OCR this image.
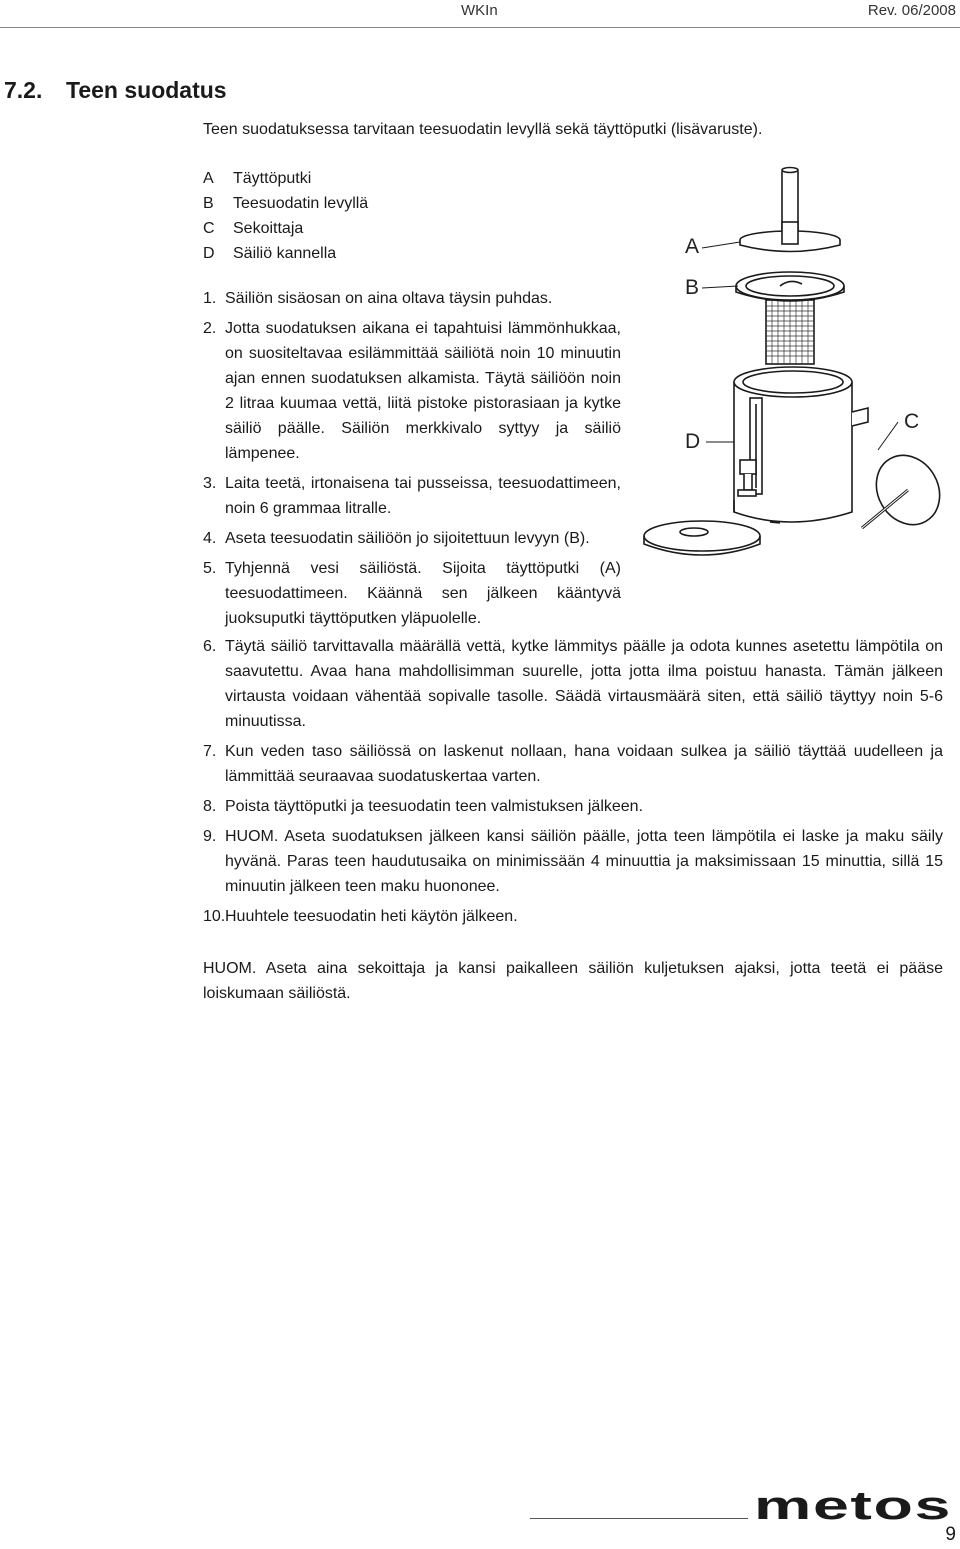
WKIn	Rev. 06/2008
7.2. Teen suodatus
Teen suodatuksessa tarvitaan teesuodatin levyllä sekä täyttöputki (lisävaruste).
A	Täyttöputki
B	Teesuodatin levyllä
C	Sekoittaja
D	Säiliö kannella
1. Säiliön sisäosan on aina oltava täysin puhdas.
2. Jotta suodatuksen aikana ei tapahtuisi lämmönhukkaa, on suositeltavaa esilämmittää säiliötä noin 10 minuutin ajan ennen suodatuksen alkamista. Täytä säiliöön noin 2 litraa kuumaa vettä, liitä pistoke pistorasiaan ja kytke säiliö päälle. Säiliön merkkivalo syttyy ja säiliö lämpenee.
3. Laita teetä, irtonaisena tai pusseissa, teesuodattimeen, noin 6 grammaa litralle.
4. Aseta teesuodatin säiliöön jo sijoitettuun levyyn (B).
5. Tyhjennä vesi säiliöstä. Sijoita täyttöputki (A) teesuodattimeen. Käännä sen jälkeen kääntyvä juoksuputki täyttöputken yläpuolelle.
6. Täytä säiliö tarvittavalla määrällä vettä, kytke lämmitys päälle ja odota kunnes asetettu lämpötila on saavutettu. Avaa hana mahdollisimman suurelle, jotta jotta ilma poistuu hanasta. Tämän jälkeen virtausta voidaan vähentää sopivalle tasolle. Säädä virtausmäärä siten, että säiliö täyttyy noin 5-6 minuutissa.
7. Kun veden taso säiliössä on laskenut nollaan, hana voidaan sulkea ja säiliö täyttää uudelleen ja lämmittää seuraavaa suodatuskertaa varten.
8. Poista täyttöputki ja teesuodatin teen valmistuksen jälkeen.
9. HUOM. Aseta suodatuksen jälkeen kansi säiliön päälle, jotta teen lämpötila ei laske ja maku säily hyvänä. Paras teen haudutusaika on minimissään 4 minuuttia ja maksimissaan 15 minuttia, sillä 15 minuutin jälkeen teen maku huononee.
10. Huuhtele teesuodatin heti käytön jälkeen.
HUOM. Aseta aina sekoittaja ja kansi paikalleen säiliön kuljetuksen ajaksi, jotta teetä ei pääse loiskumaan säiliöstä.
A
B
C
D
metos
9
